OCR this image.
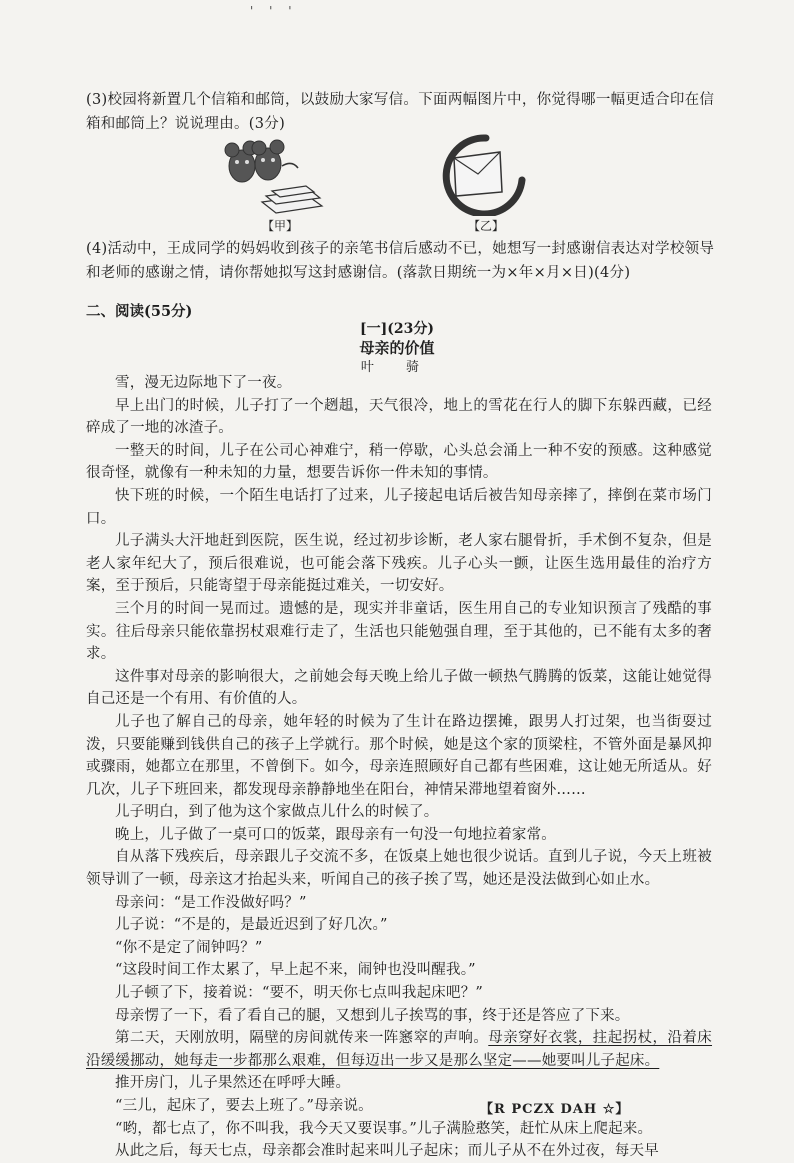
' ' '
(3)校园将新置几个信箱和邮筒，以鼓励大家写信。下面两幅图片中，你觉得哪一幅更适合印在信箱和邮筒上？说说理由。(3分)
【甲】	【乙】
(4)活动中，王成同学的妈妈收到孩子的亲笔书信后感动不已，她想写一封感谢信表达对学校领导和老师的感谢之情，请你帮她拟写这封感谢信。(落款日期统一为×年×月×日)(4分)
二、阅读(55分)
[一](23分)
母亲的价值
叶 骑

雪，漫无边际地下了一夜。

早上出门的时候，儿子打了一个趔趄，天气很冷，地上的雪花在行人的脚下东躲西藏，已经碎成了一地的冰渣子。

一整天的时间，儿子在公司心神难宁，稍一停歇，心头总会涌上一种不安的预感。这种感觉很奇怪，就像有一种未知的力量，想要告诉你一件未知的事情。

快下班的时候，一个陌生电话打了过来，儿子接起电话后被告知母亲摔了，摔倒在菜市场门口。

儿子满头大汗地赶到医院，医生说，经过初步诊断，老人家右腿骨折，手术倒不复杂，但是老人家年纪大了，预后很难说，也可能会落下残疾。儿子心头一颤，让医生选用最佳的治疗方案，至于预后，只能寄望于母亲能挺过难关，一切安好。

三个月的时间一晃而过。遗憾的是，现实并非童话，医生用自己的专业知识预言了残酷的事实。往后母亲只能依靠拐杖艰难行走了，生活也只能勉强自理，至于其他的，已不能有太多的奢求。

这件事对母亲的影响很大，之前她会每天晚上给儿子做一顿热气腾腾的饭菜，这能让她觉得自己还是一个有用、有价值的人。

儿子也了解自己的母亲，她年轻的时候为了生计在路边摆摊，跟男人打过架，也当街耍过泼，只要能赚到钱供自己的孩子上学就行。那个时候，她是这个家的顶梁柱，不管外面是暴风抑或骤雨，她都立在那里，不曾倒下。如今，母亲连照顾好自己都有些困难，这让她无所适从。好几次，儿子下班回来，都发现母亲静静地坐在阳台，神情呆滞地望着窗外……

儿子明白，到了他为这个家做点儿什么的时候了。

晚上，儿子做了一桌可口的饭菜，跟母亲有一句没一句地拉着家常。

自从落下残疾后，母亲跟儿子交流不多，在饭桌上她也很少说话。直到儿子说，今天上班被领导训了一顿，母亲这才抬起头来，听闻自己的孩子挨了骂，她还是没法做到心如止水。

母亲问：“是工作没做好吗？”

儿子说：“不是的，是最近迟到了好几次。”

“你不是定了闹钟吗？”

“这段时间工作太累了，早上起不来，闹钟也没叫醒我。”

儿子顿了下，接着说：“要不，明天你七点叫我起床吧？”

母亲愣了一下，看了看自己的腿，又想到儿子挨骂的事，终于还是答应了下来。

第二天，天刚放明，隔壁的房间就传来一阵窸窣的声响。母亲穿好衣裳，拄起拐杖，沿着床沿缓缓挪动，她每走一步都那么艰难，但每迈出一步又是那么坚定——她要叫儿子起床。

推开房门，儿子果然还在呼呼大睡。

“三儿，起床了，要去上班了。”母亲说。

“哟，都七点了，你不叫我，我今天又要误事。”儿子满脸憨笑，赶忙从床上爬起来。

从此之后，每天七点，母亲都会准时起来叫儿子起床；而儿子从不在外过夜，每天早

【R PCZX DAH ☆】
